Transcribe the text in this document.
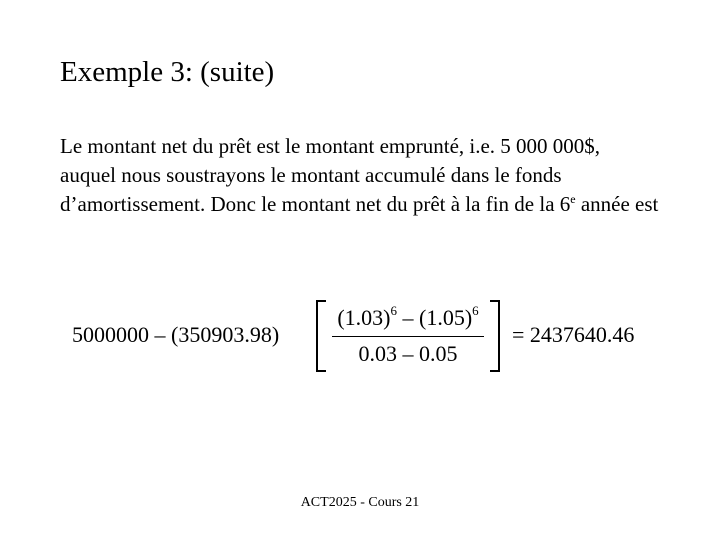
Exemple 3: (suite)
Le montant net du prêt est le montant emprunté, i.e. 5 000 000$, auquel nous soustrayons le montant accumulé dans le fonds d’amortissement. Donc le montant net du prêt à la fin de la 6e année est
5000000 – (350903.98)
$(1.03)^6 - (1.05)^6$
0.03 – 0.05
= 2437640.46
ACT2025 - Cours 21
